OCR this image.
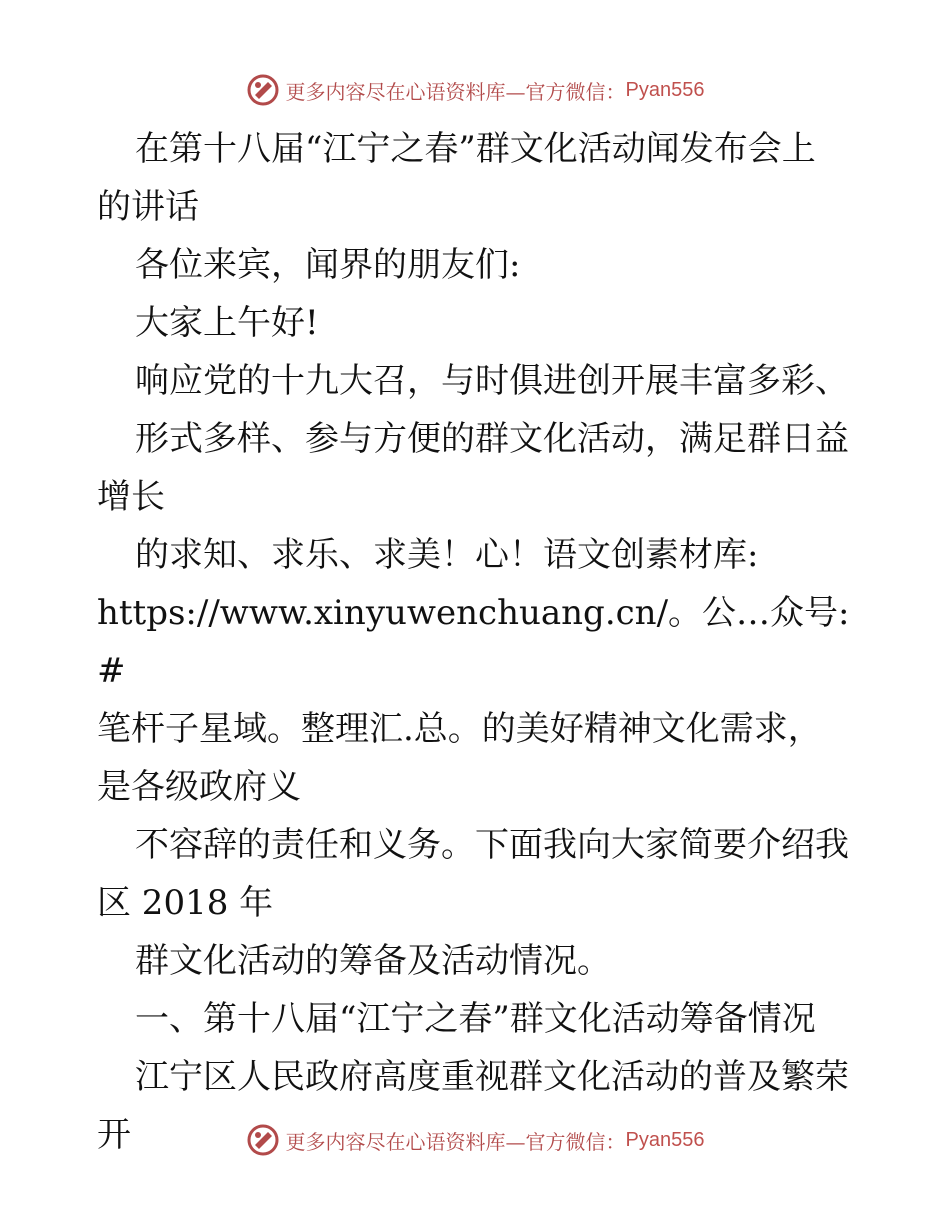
更多内容尽在心语资料库—官方微信： Pyan556

在第十八届“江宁之春”群文化活动闻发布会上

的讲话

各位来宾，闻界的朋友们:

大家上午好!

响应党的十九大召，与时俱进创开展丰富多彩、

形式多样、参与方便的群文化活动，满足群日益

增长

的求知、求乐、求美！心！语文创素材库:

https://www.xinyuwenchuang.cn/。公…众号: #

笔杆子星域。整理汇.总。的美好精神文化需求，

是各级政府义

不容辞的责任和义务。下面我向大家简要介绍我

区 2018 年

群文化活动的筹备及活动情况。

一、第十八届“江宁之春”群文化活动筹备情况

江宁区人民政府高度重视群文化活动的普及繁荣

开	更多内容尽在心语资料库—官方微信： Pyan556
